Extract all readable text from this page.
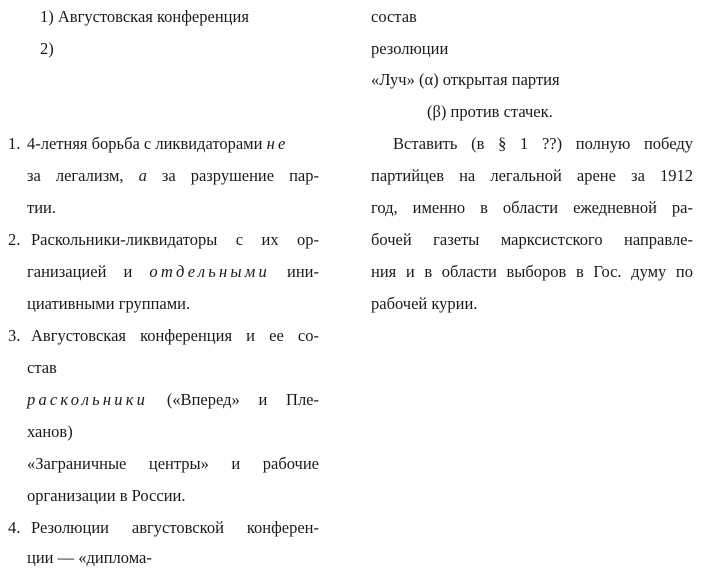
1) Августовская конференция
2)
1. 4-летняя борьба с ликвидаторами не
за легализм, а за разрушение пар-
тии.
2. Раскольники-ликвидаторы с их ор-
ганизацией и отдельными ини-
циативными группами.
3. Августовская конференция и ее со-
став
раскольники («Вперед» и Пле-
ханов)
«Заграничные центры» и рабочие
организации в России.
4. Резолюции августовской конферен-
ции — «диплома-
состав
резолюции
«Луч» (α) открытая партия
(β) против стачек.
Вставить (в § 1 ??) полную победу
партийцев на легальной арене за 1912
год, именно в области ежедневной ра-
бочей газеты марксистского направле-
ния и в области выборов в Гос. думу по
рабочей курии.
